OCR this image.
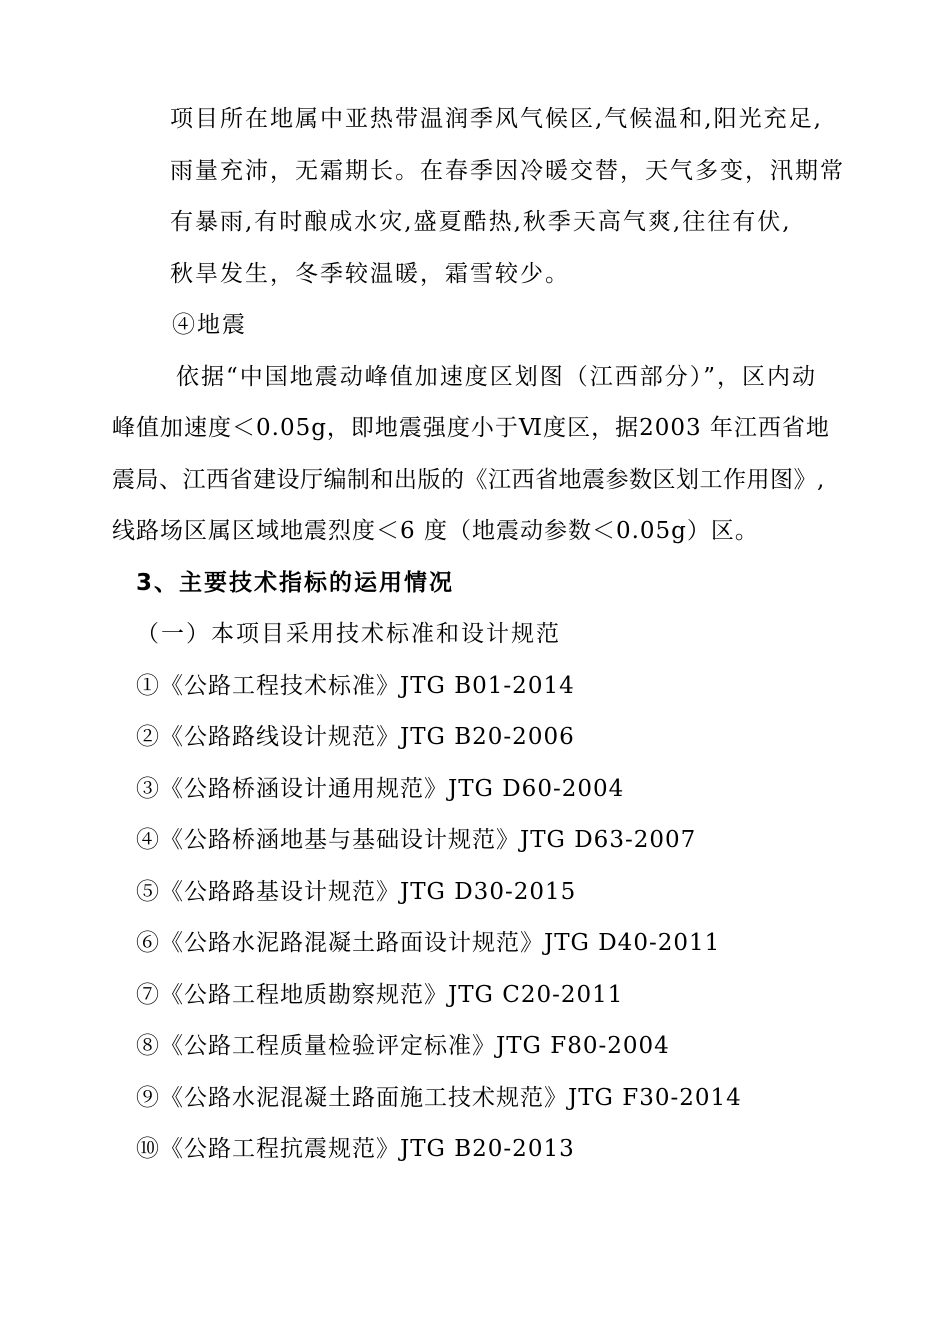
项目所在地属中亚热带温润季风气候区,气候温和,阳光充足,
雨量充沛，无霜期长。在春季因冷暖交替，天气多变，汛期常
有暴雨,有时酿成水灾,盛夏酷热,秋季天高气爽,往往有伏,
秋旱发生，冬季较温暖，霜雪较少。
④地震
依据“中国地震动峰值加速度区划图（江西部分）”，区内动
峰值加速度＜0.05g，即地震强度小于Ⅵ度区，据2003 年江西省地
震局、江西省建设厅编制和出版的《江西省地震参数区划工作用图》,
线路场区属区域地震烈度＜6 度（地震动参数＜0.05g）区。
3、主要技术指标的运用情况
（一）本项目采用技术标准和设计规范
①《公路工程技术标准》JTG B01-2014
②《公路路线设计规范》JTG B20-2006
③《公路桥涵设计通用规范》JTG D60-2004
④《公路桥涵地基与基础设计规范》JTG D63-2007
⑤《公路路基设计规范》JTG D30-2015
⑥《公路水泥路混凝土路面设计规范》JTG D40-2011
⑦《公路工程地质勘察规范》JTG C20-2011
⑧《公路工程质量检验评定标准》JTG F80-2004
⑨《公路水泥混凝土路面施工技术规范》JTG F30-2014
⑩《公路工程抗震规范》JTG B20-2013
